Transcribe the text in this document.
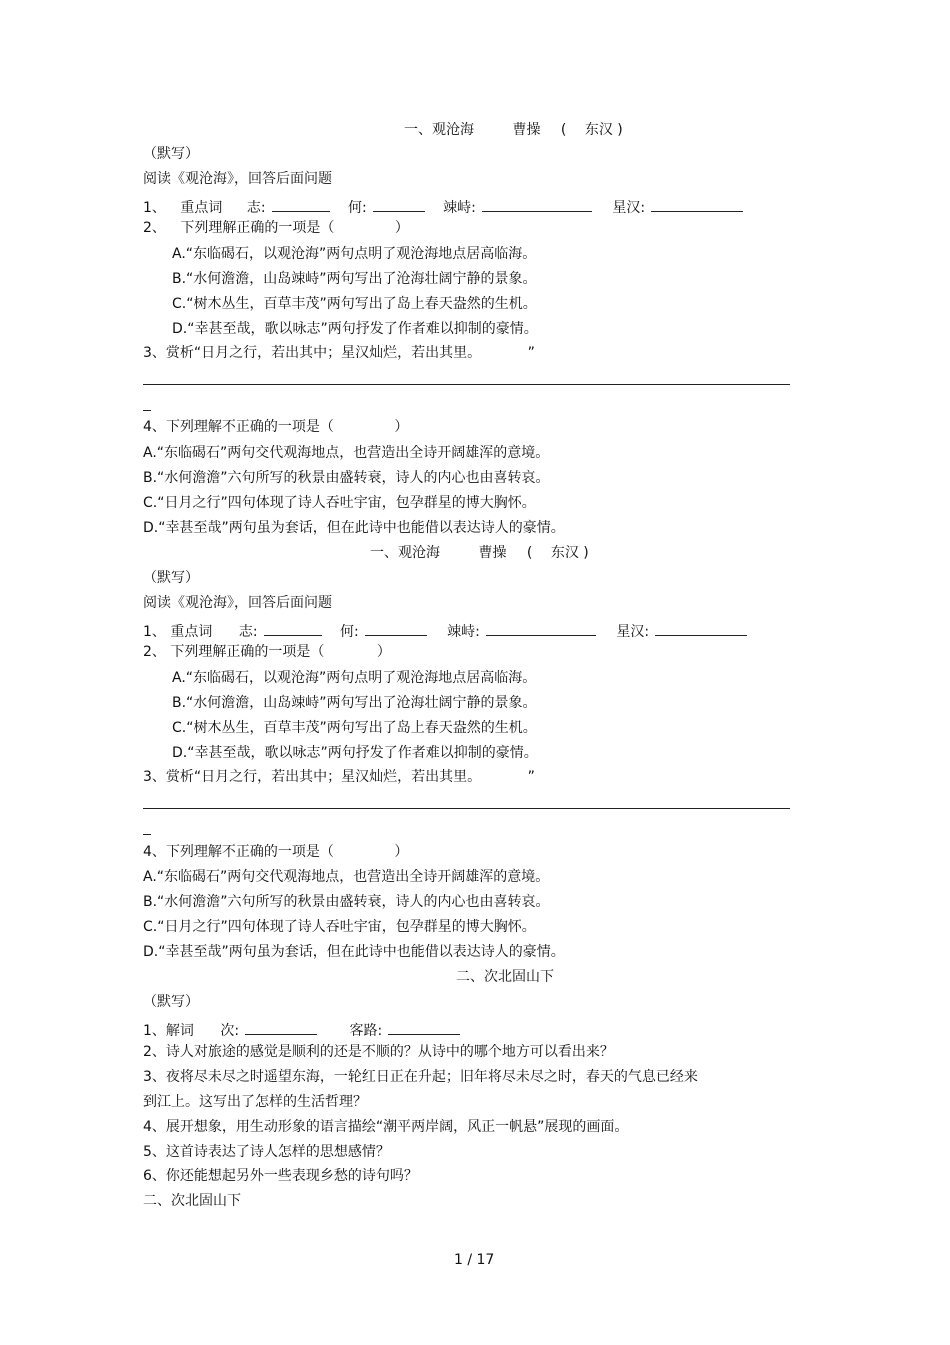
一、观沧海	曹操 ( 东汉 )
（默写）
阅读《观沧海》，回答后面问题
1、 重点词 志:	何:	竦峙:	星汉:
2、 下列理解正确的一项是（	）
A.“东临碣石，以观沧海”两句点明了观沧海地点居高临海。
B.“水何澹澹，山岛竦峙”两句写出了沧海壮阔宁静的景象。
C.“树木丛生，百草丰茂”两句写出了岛上春天盎然的生机。
D.“幸甚至哉，歌以咏志”两句抒发了作者难以抑制的豪情。
3、赏析“日月之行，若出其中；星汉灿烂，若出其里。	”
4、下列理解不正确的一项是（	）
A.“东临碣石”两句交代观海地点，也营造出全诗开阔雄浑的意境。
B.“水何澹澹”六句所写的秋景由盛转衰，诗人的内心也由喜转哀。
C.“日月之行”四句体现了诗人吞吐宇宙，包孕群星的博大胸怀。
D.“幸甚至哉”两句虽为套话，但在此诗中也能借以表达诗人的豪情。
一、观沧海	曹操 ( 东汉 )
（默写）
阅读《观沧海》，回答后面问题
1、 重点词 志:	何:	竦峙:	星汉:
2、 下列理解正确的一项是（	）
A.“东临碣石，以观沧海”两句点明了观沧海地点居高临海。
B.“水何澹澹，山岛竦峙”两句写出了沧海壮阔宁静的景象。
C.“树木丛生，百草丰茂”两句写出了岛上春天盎然的生机。
D.“幸甚至哉，歌以咏志”两句抒发了作者难以抑制的豪情。
3、赏析“日月之行，若出其中；星汉灿烂，若出其里。	”
4、下列理解不正确的一项是（	）
A.“东临碣石”两句交代观海地点，也营造出全诗开阔雄浑的意境。
B.“水何澹澹”六句所写的秋景由盛转衰，诗人的内心也由喜转哀。
C.“日月之行”四句体现了诗人吞吐宇宙，包孕群星的博大胸怀。
D.“幸甚至哉”两句虽为套话，但在此诗中也能借以表达诗人的豪情。
二、次北固山下
（默写）
1、解词 次:	客路:
2、诗人对旅途的感觉是顺利的还是不顺的？从诗中的哪个地方可以看出来？
3、夜将尽未尽之时遥望东海，一轮红日正在升起；旧年将尽未尽之时，春天的气息已经来
到江上。这写出了怎样的生活哲理？
4、展开想象，用生动形象的语言描绘“潮平两岸阔，风正一帆悬”展现的画面。
5、这首诗表达了诗人怎样的思想感情？
6、你还能想起另外一些表现乡愁的诗句吗？
二、次北固山下
1 / 17
